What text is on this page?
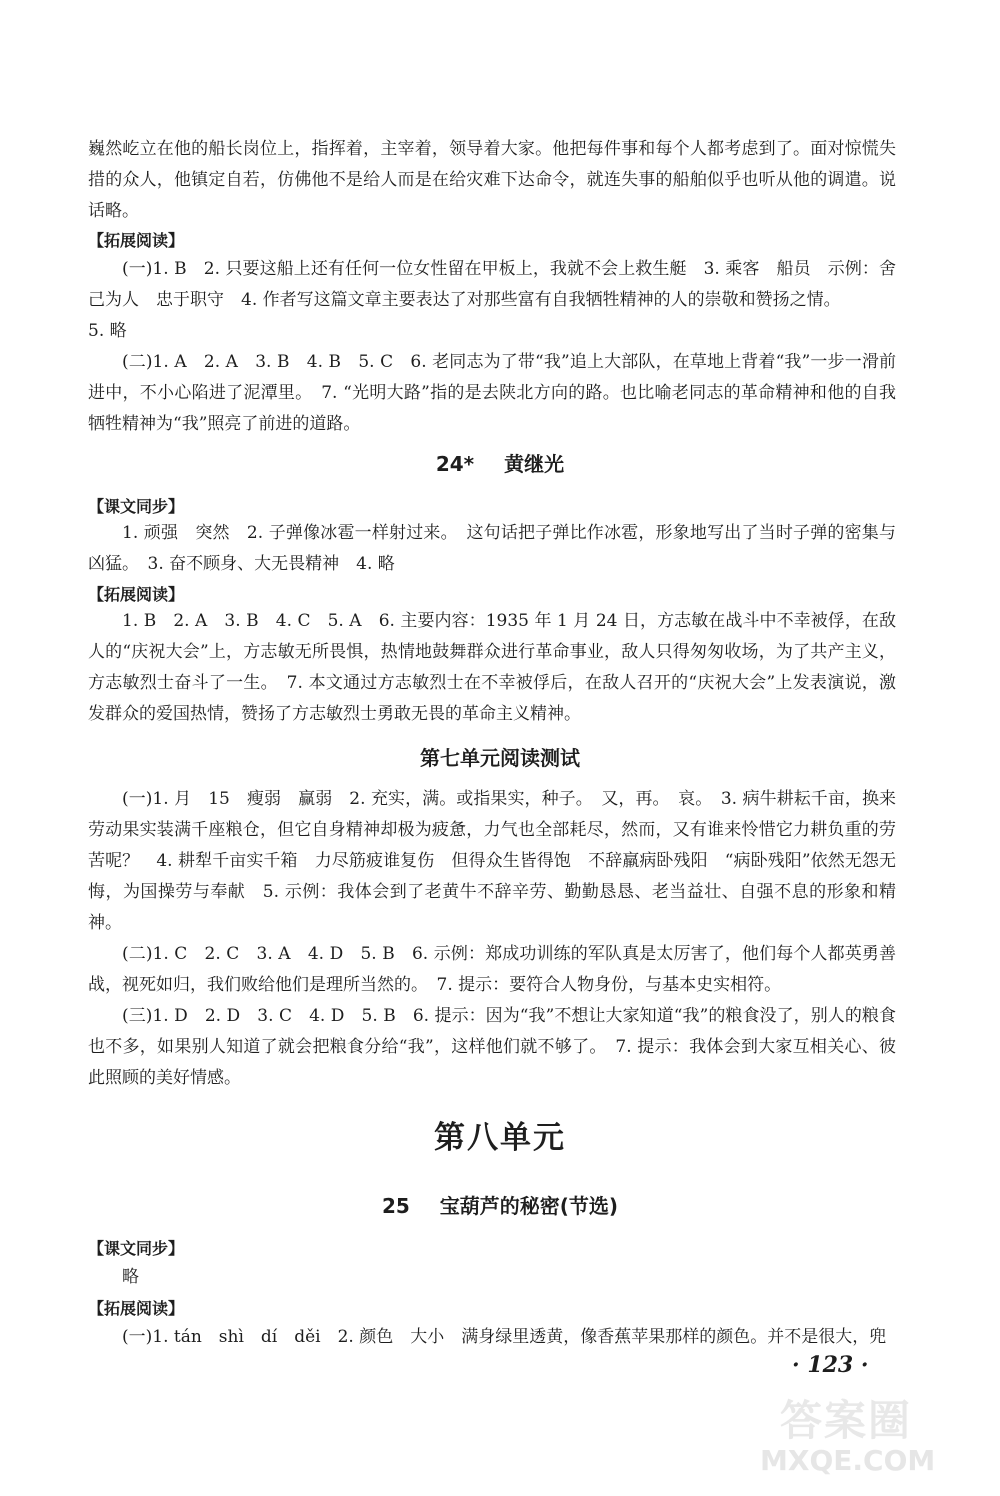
巍然屹立在他的船长岗位上，指挥着，主宰着，领导着大家。他把每件事和每个人都考虑到了。面对惊慌失措的众人，他镇定自若，仿佛他不是给人而是在给灾难下达命令，就连失事的船舶似乎也听从他的调遣。说话略。

【拓展阅读】

(一)1. B　2. 只要这船上还有任何一位女性留在甲板上，我就不会上救生艇　3. 乘客　船员　示例：舍己为人　忠于职守　4. 作者写这篇文章主要表达了对那些富有自我牺牲精神的人的崇敬和赞扬之情。

5. 略

(二)1. A　2. A　3. B　4. B　5. C　6. 老同志为了带“我”追上大部队，在草地上背着“我”一步一滑前进中，不小心陷进了泥潭里。　7. “光明大路”指的是去陕北方向的路。也比喻老同志的革命精神和他的自我牺牲精神为“我”照亮了前进的道路。

24* 黄继光

【课文同步】

1. 顽强　突然　2. 子弹像冰雹一样射过来。　这句话把子弹比作冰雹，形象地写出了当时子弹的密集与凶猛。　3. 奋不顾身、大无畏精神　4. 略

【拓展阅读】

1. B　2. A　3. B　4. C　5. A　6. 主要内容：1935 年 1 月 24 日，方志敏在战斗中不幸被俘，在敌人的“庆祝大会”上，方志敏无所畏惧，热情地鼓舞群众进行革命事业，敌人只得匆匆收场，为了共产主义，方志敏烈士奋斗了一生。　7. 本文通过方志敏烈士在不幸被俘后，在敌人召开的“庆祝大会”上发表演说，激发群众的爱国热情，赞扬了方志敏烈士勇敢无畏的革命主义精神。

第七单元阅读测试

(一)1. 月　15　瘦弱　赢弱　2. 充实，满。或指果实，种子。　又，再。　哀。　3. 病牛耕耘千亩，换来劳动果实装满千座粮仓，但它自身精神却极为疲惫，力气也全部耗尽，然而，又有谁来怜惜它力耕负重的劳苦呢？　4. 耕犁千亩实千箱　力尽筋疲谁复伤　但得众生皆得饱　不辞羸病卧残阳　“病卧残阳”依然无怨无悔，为国操劳与奉献　5. 示例：我体会到了老黄牛不辞辛劳、勤勤恳恳、老当益壮、自强不息的形象和精神。

(二)1. C　2. C　3. A　4. D　5. B　6. 示例：郑成功训练的军队真是太厉害了，他们每个人都英勇善战，视死如归，我们败给他们是理所当然的。　7. 提示：要符合人物身份，与基本史实相符。

(三)1. D　2. D　3. C　4. D　5. B　6. 提示：因为“我”不想让大家知道“我”的粮食没了，别人的粮食也不多，如果别人知道了就会把粮食分给“我”，这样他们就不够了。　7. 提示：我体会到大家互相关心、彼此照顾的美好情感。

第八单元
25 宝葫芦的秘密(节选)

【课文同步】

略

【拓展阅读】

(一)1. tán　shì　dí　děi　2. 颜色　大小　满身绿里透黄，像香蕉苹果那样的颜色。并不是很大，兜

· 123 ·
答案圈
MXQE.COM
